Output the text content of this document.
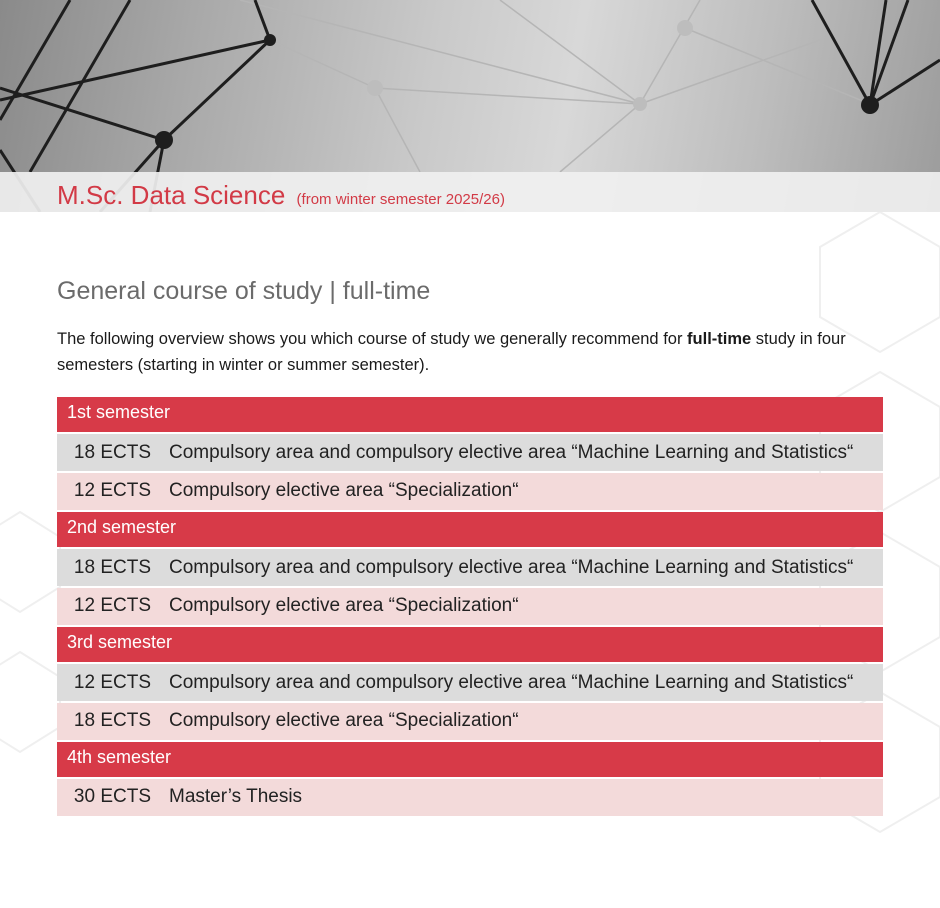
M.Sc. Data Science (from winter semester 2025/26)
General course of study | full-time
The following overview shows you which course of study we generally recommend for full-time study in four semesters (starting in winter or summer semester).
1st semester
18 ECTS Compulsory area and compulsory elective area “Machine Learning and Statistics“
12 ECTS Compulsory elective area “Specialization“
2nd semester
18 ECTS Compulsory area and compulsory elective area “Machine Learning and Statistics“
12 ECTS Compulsory elective area “Specialization“
3rd semester
12 ECTS Compulsory area and compulsory elective area “Machine Learning and Statistics“
18 ECTS Compulsory elective area “Specialization“
4th semester
30 ECTS Master’s Thesis
